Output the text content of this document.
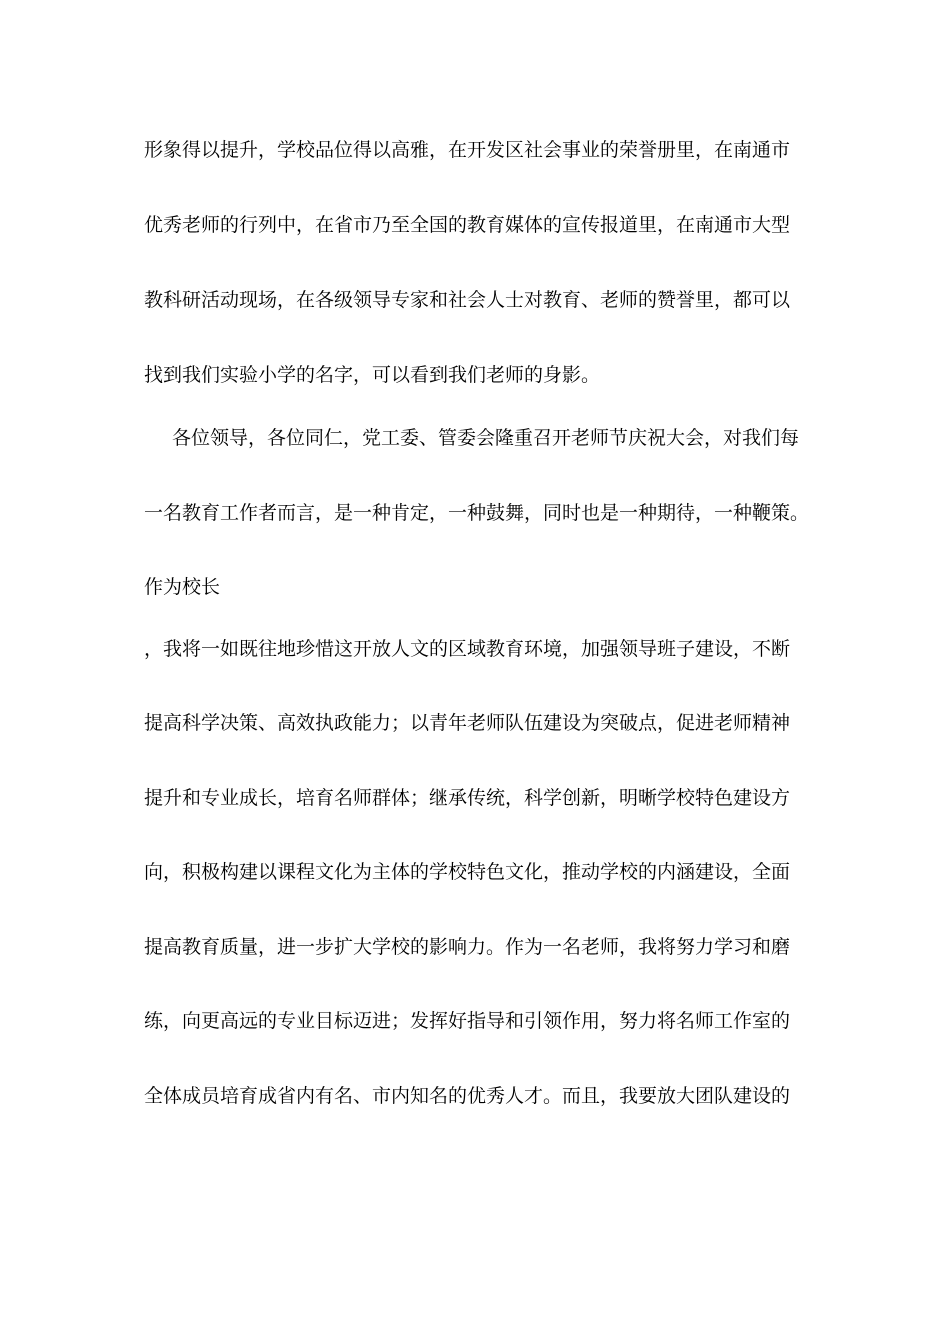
形象得以提升，学校品位得以高雅，在开发区社会事业的荣誉册里，在南通市

优秀老师的行列中，在省市乃至全国的教育媒体的宣传报道里，在南通市大型

教科研活动现场，在各级领导专家和社会人士对教育、老师的赞誉里，都可以

找到我们实验小学的名字，可以看到我们老师的身影。

各位领导，各位同仁，党工委、管委会隆重召开老师节庆祝大会，对我们每

一名教育工作者而言，是一种肯定，一种鼓舞，同时也是一种期待，一种鞭策。

作为校长

，我将一如既往地珍惜这开放人文的区域教育环境，加强领导班子建设，不断

提高科学决策、高效执政能力；以青年老师队伍建设为突破点，促进老师精神

提升和专业成长，培育名师群体；继承传统，科学创新，明晰学校特色建设方

向，积极构建以课程文化为主体的学校特色文化，推动学校的内涵建设，全面

提高教育质量，进一步扩大学校的影响力。作为一名老师，我将努力学习和磨

练，向更高远的专业目标迈进；发挥好指导和引领作用，努力将名师工作室的

全体成员培育成省内有名、市内知名的优秀人才。而且，我要放大团队建设的
